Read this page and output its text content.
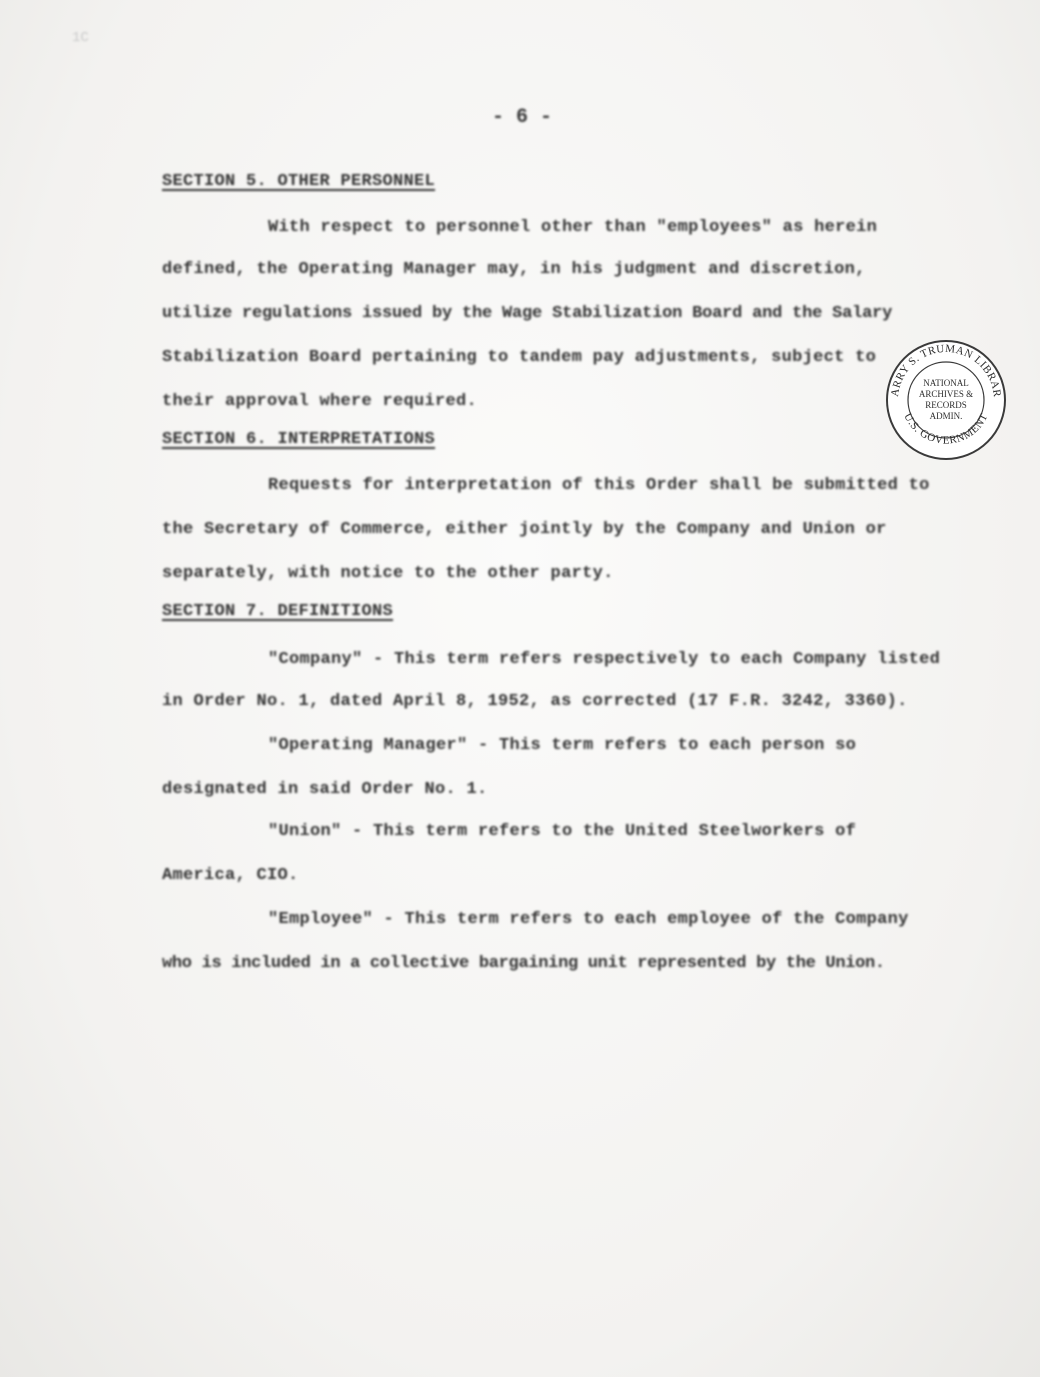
1C
- 6 -
SECTION 5. OTHER PERSONNEL
With respect to personnel other than "employees" as herein
defined, the Operating Manager may, in his judgment and discretion,
utilize regulations issued by the Wage Stabilization Board and the Salary
Stabilization Board pertaining to tandem pay adjustments, subject to
their approval where required.
SECTION 6. INTERPRETATIONS
Requests for interpretation of this Order shall be submitted to
the Secretary of Commerce, either jointly by the Company and Union or
separately, with notice to the other party.
SECTION 7. DEFINITIONS
"Company" - This term refers respectively to each Company listed
in Order No. 1, dated April 8, 1952, as corrected (17 F.R. 3242, 3360).
"Operating Manager" - This term refers to each person so
designated in said Order No. 1.
"Union" - This term refers to the United Steelworkers of
America, CIO.
"Employee" - This term refers to each employee of the Company
who is included in a collective bargaining unit represented by the Union.
ARRY S. TRUMAN LIBRAR
U.S. GOVERNMENT
NATIONAL
ARCHIVES &
RECORDS
ADMIN.
